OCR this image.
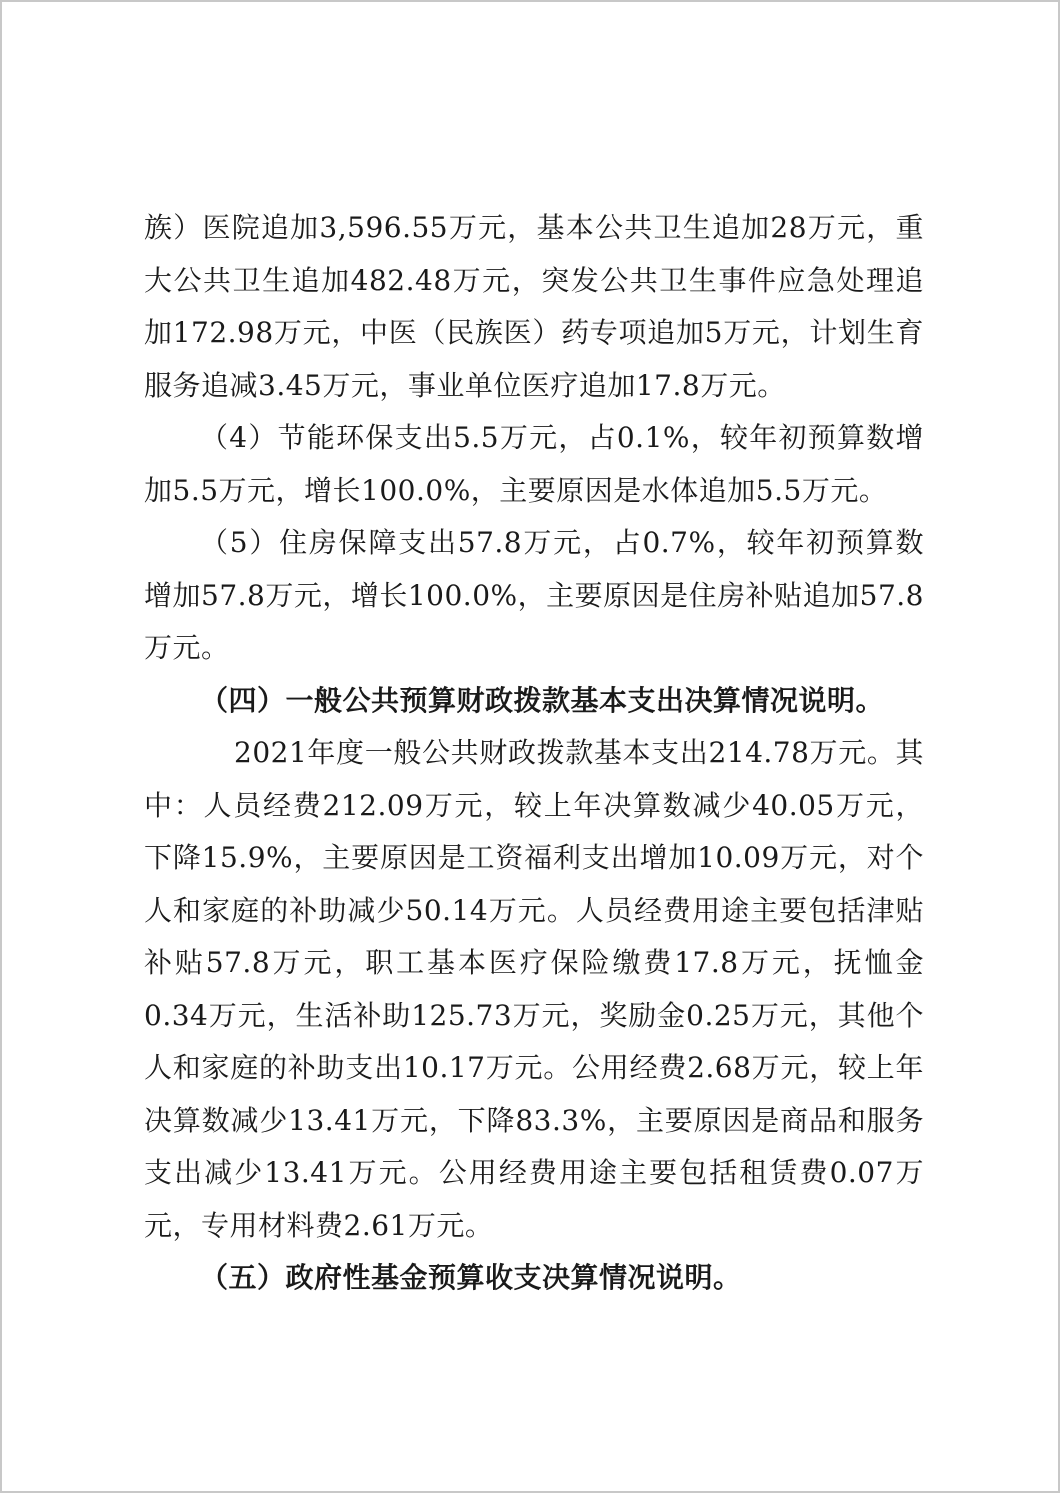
族）医院追加3,596.55万元，基本公共卫生追加28万元，重大公共卫生追加482.48万元，突发公共卫生事件应急处理追加172.98万元，中医（民族医）药专项追加5万元，计划生育服务追减3.45万元，事业单位医疗追加17.8万元。

（4）节能环保支出5.5万元，占0.1%，较年初预算数增加5.5万元，增长100.0%，主要原因是水体追加5.5万元。

（5）住房保障支出57.8万元，占0.7%，较年初预算数增加57.8万元，增长100.0%，主要原因是住房补贴追加57.8万元。

（四）一般公共预算财政拨款基本支出决算情况说明。

2021年度一般公共财政拨款基本支出214.78万元。其中：人员经费212.09万元，较上年决算数减少40.05万元，下降15.9%，主要原因是工资福利支出增加10.09万元，对个人和家庭的补助减少50.14万元。人员经费用途主要包括津贴补贴57.8万元，职工基本医疗保险缴费17.8万元，抚恤金0.34万元，生活补助125.73万元，奖励金0.25万元，其他个人和家庭的补助支出10.17万元。公用经费2.68万元，较上年决算数减少13.41万元，下降83.3%，主要原因是商品和服务支出减少13.41万元。公用经费用途主要包括租赁费0.07万元，专用材料费2.61万元。

（五）政府性基金预算收支决算情况说明。
